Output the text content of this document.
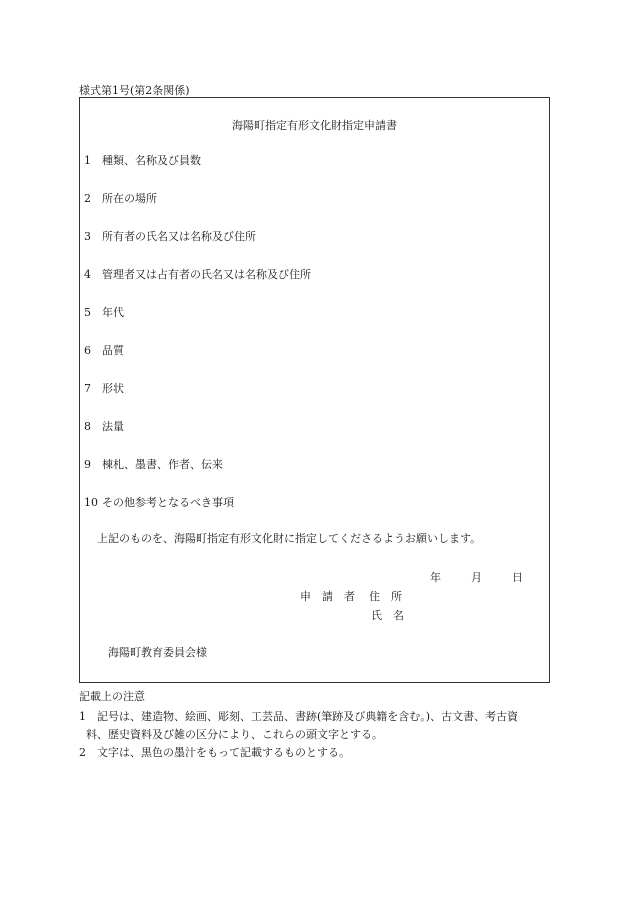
様式第1号(第2条関係)
海陽町指定有形文化財指定申請書
1 種類、名称及び員数
2 所在の場所
3 所有者の氏名又は名称及び住所
4 管理者又は占有者の氏名又は名称及び住所
5 年代
6 品質
7 形状
8 法量
9 棟札、墨書、作者、伝来
10 その他参考となるべき事項
上記のものを、海陽町指定有形文化財に指定してくださるようお願いします。
年	月	日
申　請　者 住　所
氏　名
海陽町教育委員会様
記載上の注意
1 記号は、建造物、絵画、彫刻、工芸品、書跡(筆跡及び典籍を含む。)、古文書、考古資
料、歴史資料及び雑の区分により、これらの頭文字とする。
2 文字は、黒色の墨汁をもって記載するものとする。
